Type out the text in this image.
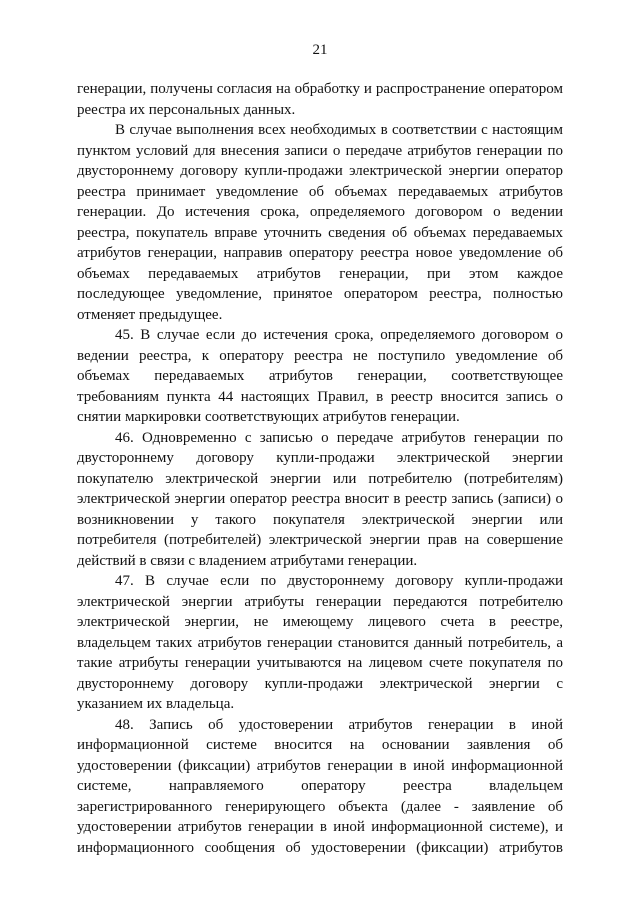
21

генерации, получены согласия на обработку и распространение оператором реестра их персональных данных.

В случае выполнения всех необходимых в соответствии с настоящим пунктом условий для внесения записи о передаче атрибутов генерации по двустороннему договору купли-продажи электрической энергии оператор реестра принимает уведомление об объемах передаваемых атрибутов генерации. До истечения срока, определяемого договором о ведении реестра, покупатель вправе уточнить сведения об объемах передаваемых атрибутов генерации, направив оператору реестра новое уведомление об объемах передаваемых атрибутов генерации, при этом каждое последующее уведомление, принятое оператором реестра, полностью отменяет предыдущее.

45. В случае если до истечения срока, определяемого договором о ведении реестра, к оператору реестра не поступило уведомление об объемах передаваемых атрибутов генерации, соответствующее требованиям пункта 44 настоящих Правил, в реестр вносится запись о снятии маркировки соответствующих атрибутов генерации.

46. Одновременно с записью о передаче атрибутов генерации по двустороннему договору купли-продажи электрической энергии покупателю электрической энергии или потребителю (потребителям) электрической энергии оператор реестра вносит в реестр запись (записи) о возникновении у такого покупателя электрической энергии или потребителя (потребителей) электрической энергии прав на совершение действий в связи с владением атрибутами генерации.

47. В случае если по двустороннему договору купли-продажи электрической энергии атрибуты генерации передаются потребителю электрической энергии, не имеющему лицевого счета в реестре, владельцем таких атрибутов генерации становится данный потребитель, а такие атрибуты генерации учитываются на лицевом счете покупателя по двустороннему договору купли-продажи электрической энергии с указанием их владельца.

48. Запись об удостоверении атрибутов генерации в иной информационной системе вносится на основании заявления об удостоверении (фиксации) атрибутов генерации в иной информационной системе, направляемого оператору реестра владельцем зарегистрированного генерирующего объекта (далее - заявление об удостоверении атрибутов генерации в иной информационной системе), и информационного сообщения об удостоверении (фиксации) атрибутов
